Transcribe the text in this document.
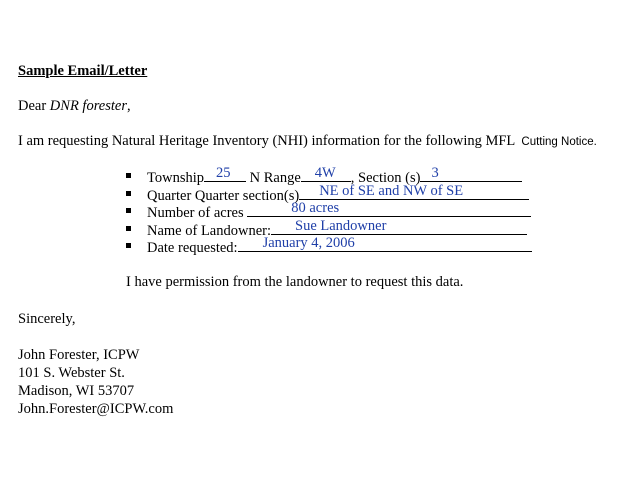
Sample Email/Letter
Dear DNR forester,
I am requesting Natural Heritage Inventory (NHI) information for the following MFL Cutting Notice.
Township 25 N Range 4W , Section (s) 3
Quarter Quarter section(s) NE of SE and NW of SE
Number of acres	80 acres
Name of Landowner: Sue Landowner
Date requested: January 4, 2006
I have permission from the landowner to request this data.
Sincerely,
John Forester, ICPW
101 S. Webster St.
Madison, WI 53707
John.Forester@ICPW.com
